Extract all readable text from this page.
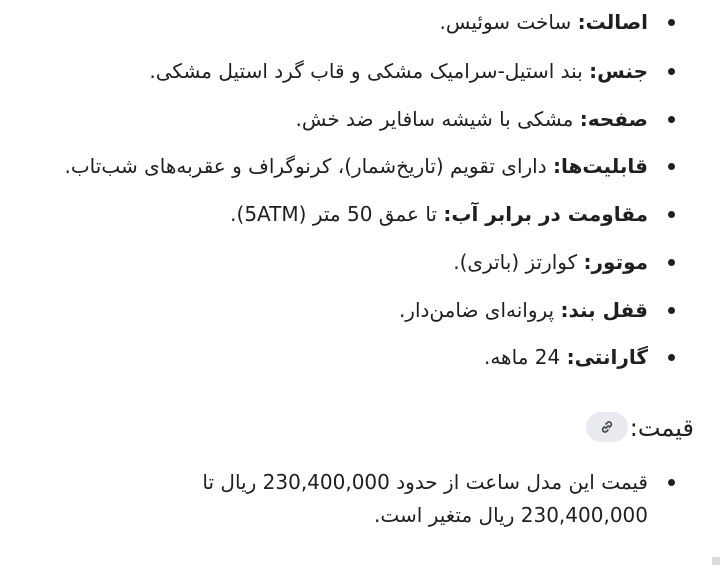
اصالت: ساخت سوئیس.
جنس: بند استیل-سرامیک مشکی و قاب گرد استیل مشکی.
صفحه: مشکی با شیشه سافایر ضد خش.
قابلیت‌ها: دارای تقویم (تاریخ‌شمار)، کرنوگراف و عقربه‌های شب‌تاب.
مقاومت در برابر آب: تا عمق 50 متر (5ATM).
موتور: کوارتز (باتری).
قفل بند: پروانه‌ای ضامن‌دار.
گارانتی: 24 ماهه.
قیمت:
قیمت این مدل ساعت از حدود 230,400,000 ریال تا 230,400,000 ریال متغیر است.
